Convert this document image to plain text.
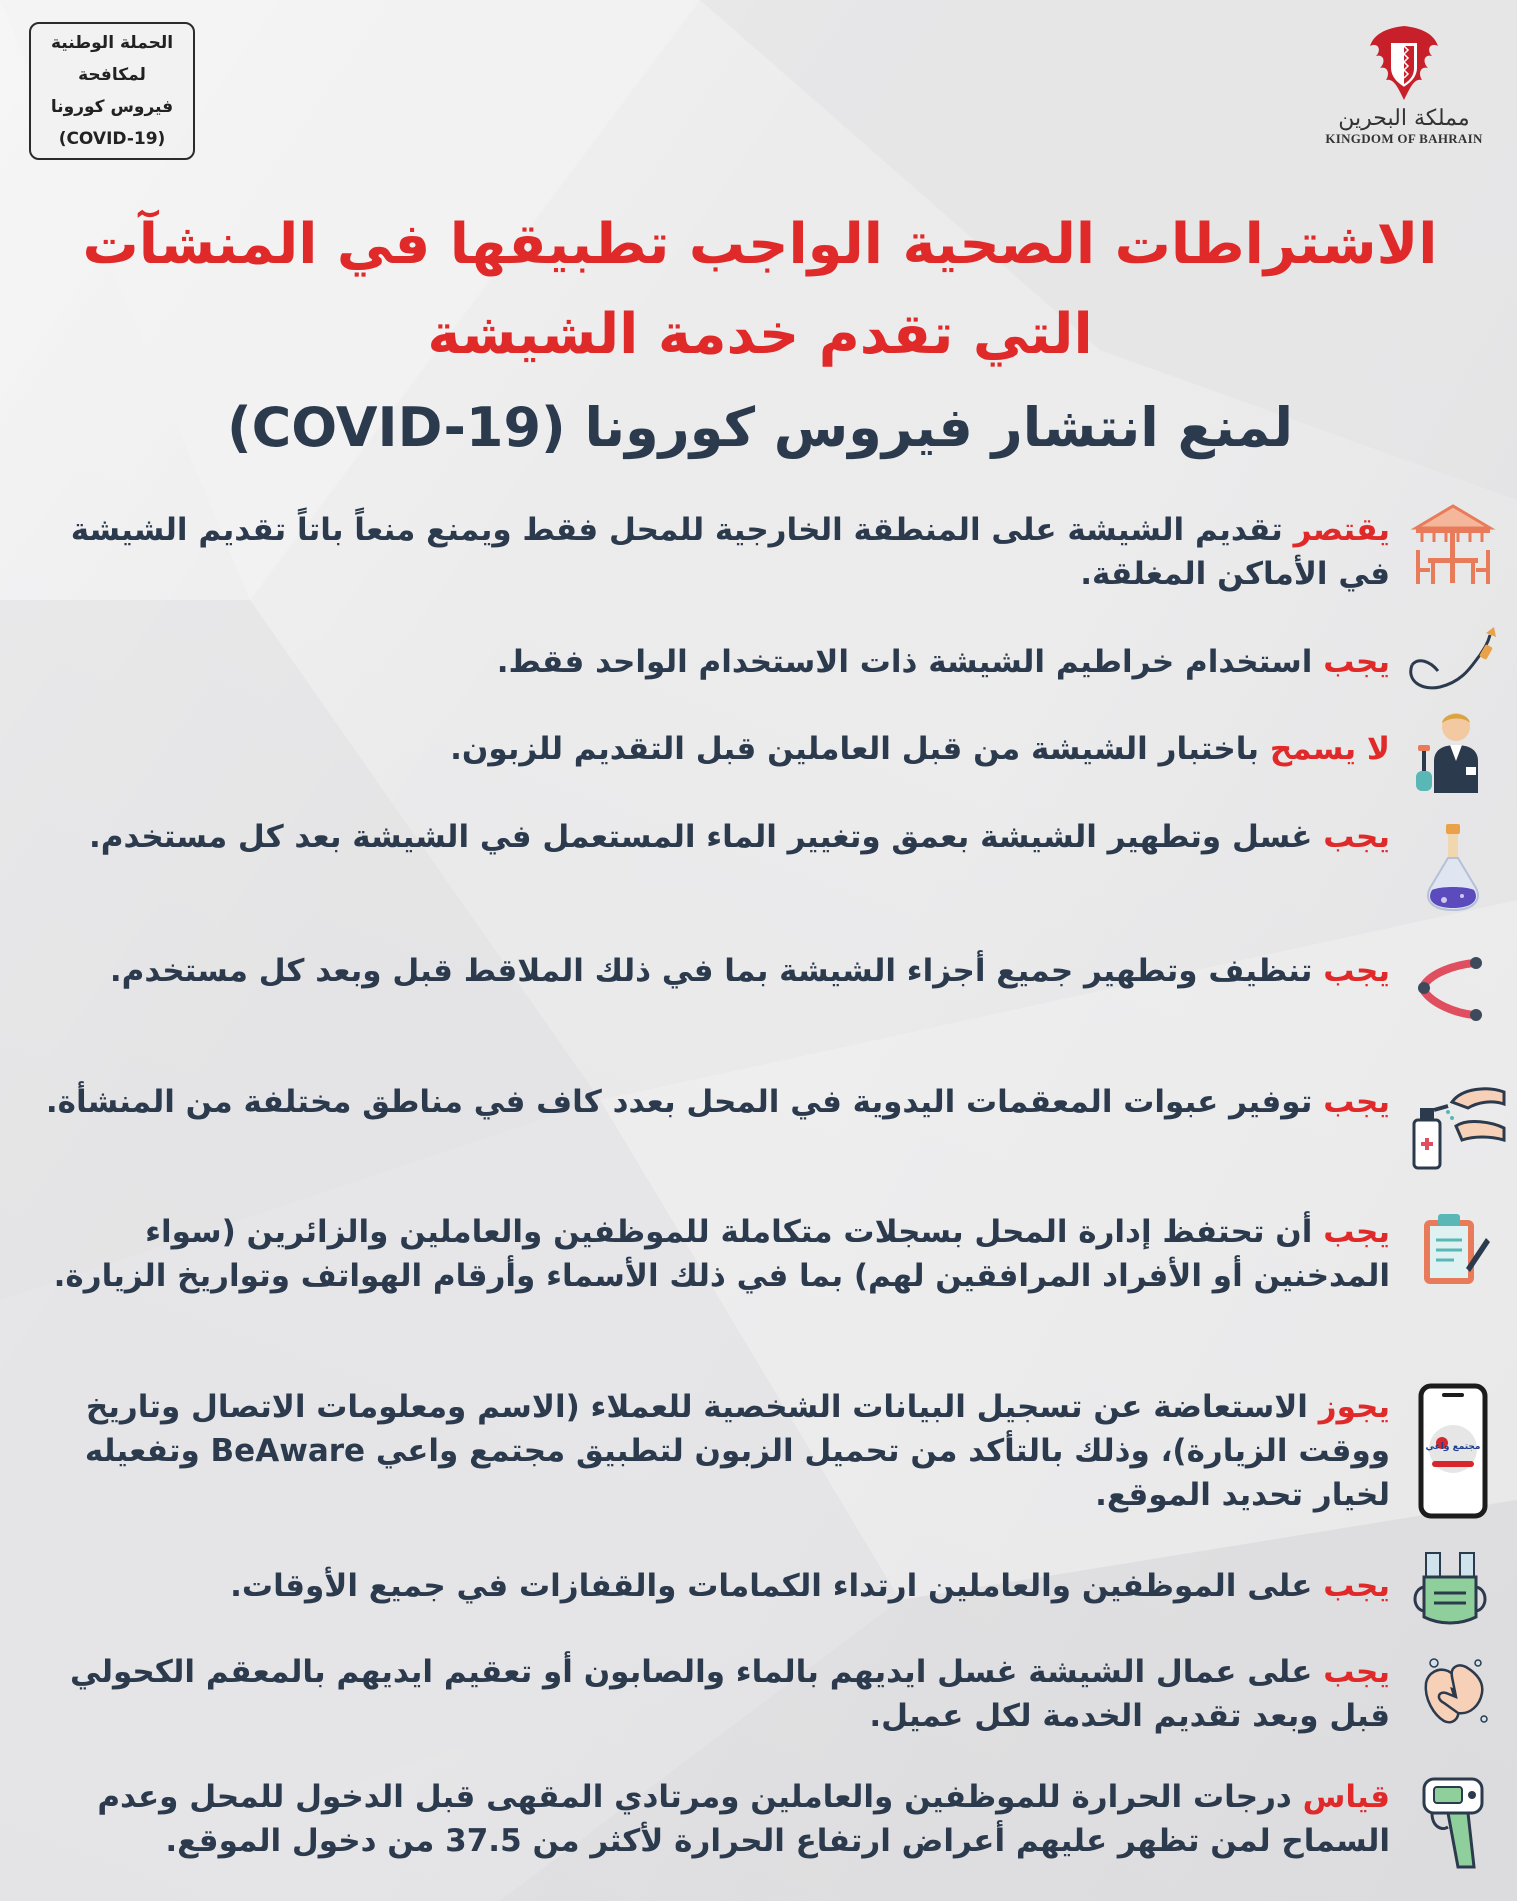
الحملة الوطنية
لمكافحة
فيروس كورونا
(COVID-19)
مملكة البحرين
KINGDOM OF BAHRAIN
الاشتراطات الصحية الواجب تطبيقها في المنشآت
التي تقدم خدمة الشيشة
لمنع انتشار فيروس كورونا (COVID-19)
يقتصر تقديم الشيشة على المنطقة الخارجية للمحل فقط ويمنع منعاً باتاً تقديم الشيشة في الأماكن المغلقة.
يجب استخدام خراطيم الشيشة ذات الاستخدام الواحد فقط.
لا يسمح باختبار الشيشة من قبل العاملين قبل التقديم للزبون.
يجب غسل وتطهير الشيشة بعمق وتغيير الماء المستعمل في الشيشة بعد كل مستخدم.
يجب تنظيف وتطهير جميع أجزاء الشيشة بما في ذلك الملاقط قبل وبعد كل مستخدم.
يجب توفير عبوات المعقمات اليدوية في المحل بعدد كاف في مناطق مختلفة من المنشأة.
يجب أن تحتفظ إدارة المحل بسجلات متكاملة للموظفين والعاملين والزائرين (سواء المدخنين أو الأفراد المرافقين لهم) بما في ذلك الأسماء وأرقام الهواتف وتواريخ الزيارة.
مجتمع واعي
يجوز الاستعاضة عن تسجيل البيانات الشخصية للعملاء (الاسم ومعلومات الاتصال وتاريخ ووقت الزيارة)، وذلك بالتأكد من تحميل الزبون لتطبيق مجتمع واعي BeAware وتفعيله لخيار تحديد الموقع.
يجب على الموظفين والعاملين ارتداء الكمامات والقفازات في جميع الأوقات.
يجب على عمال الشيشة غسل ايديهم بالماء والصابون أو تعقيم ايديهم بالمعقم الكحولي قبل وبعد تقديم الخدمة لكل عميل.
قياس درجات الحرارة للموظفين والعاملين ومرتادي المقهى قبل الدخول للمحل وعدم السماح لمن تظهر عليهم أعراض ارتفاع الحرارة لأكثر من 37.5 من دخول الموقع.
